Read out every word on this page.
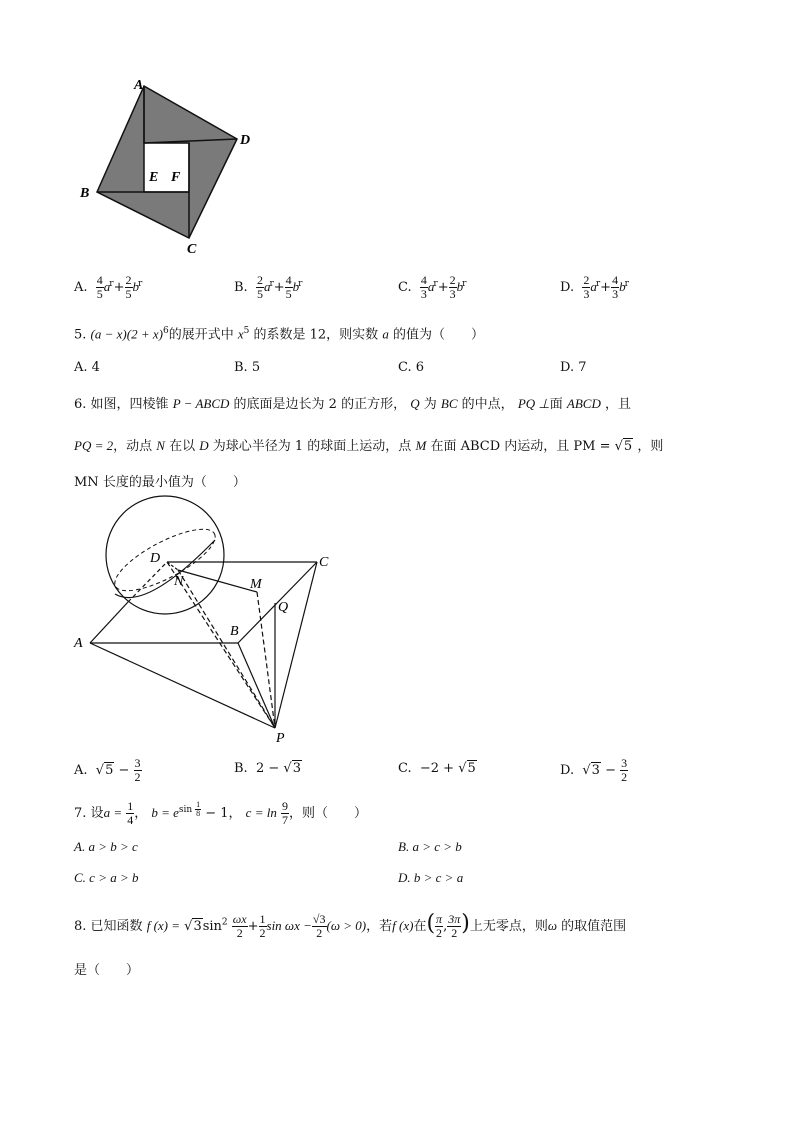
A
D
B
C
E F
A. $\frac{4}{5} a^r+ \frac{2}{5} b^r$	B. $\frac{2}{5} a^r+ \frac{4}{5} b^r$	C. $\frac{4}{3} a^r+ \frac{2}{3} b^r$	D. $\frac{2}{3} a^r+ \frac{4}{3} b^r$
5. $(a - x)(2 + x)^6$的展开式中 $x^5$ 的系数是 12，则实数 a 的值为（　　）
A. 4	B. 5	C. 6	D. 7
6. 如图，四棱锥 P − ABCD 的底面是边长为 2 的正方形， Q 为 BC 的中点， PQ ⊥面 ABCD ，且
PQ = 2，动点 N 在以 D 为球心半径为 1 的球面上运动，点 M 在面 ABCD 内运动，且 PM = √5 ，则
MN 长度的最小值为（　　）
D	C
N	M
Q
A
B
P
A. $√5 - \frac{3}{2}$	B. 2 − √3	C. −2 + √5	D. $√3 - \frac{3}{2}$
7. 设$a = \frac{1}{4}$ ， $b = e^{sin \frac{1}{8}} - 1$， $c = \ln \frac{9}{7}$ ，则（　　）
A. a > b > c	B. a > c > b
C. c > a > b	D. b > c > a
8. 已知函数 f $(x) = √3\sin^2 \frac{\omega x}{2} + \frac{1}{2}$ $\sin \omega x - \frac{√3}{2} (\omega > 0)$，若f (x)在( $\frac{\pi}{2}$ , $\frac{3\pi}{2}$ )上无零点，则ω 的取值范围
是（　　）
